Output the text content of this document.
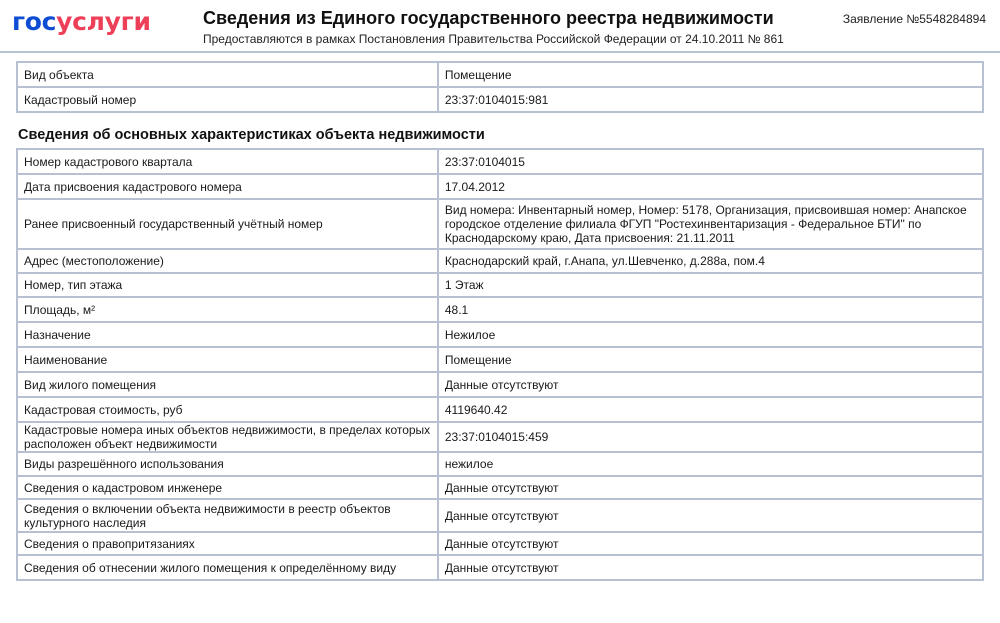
госуслуги	Сведения из Единого государственного реестра недвижимости
Предоставляются в рамках Постановления Правительства Российской Федерации от 24.10.2011 № 861
Заявление №5548284894
Вид объекта	Помещение
Кадастровый номер	23:37:0104015:981
Сведения об основных характеристиках объекта недвижимости
Номер кадастрового квартала	23:37:0104015
Дата присвоения кадастрового номера	17.04.2012
Ранее присвоенный государственный учётный номер	Вид номера: Инвентарный номер, Номер: 5178, Организация, присвоившая номер: Анапское городское отделение филиала ФГУП "Ростехинвентаризация - Федеральное БТИ" по Краснодарскому краю, Дата присвоения: 21.11.2011
Адрес (местоположение)	Краснодарский край, г.Анапа, ул.Шевченко, д.288а, пом.4
Номер, тип этажа	1 Этаж
Площадь, м²	48.1
Назначение	Нежилое
Наименование	Помещение
Вид жилого помещения	Данные отсутствуют
Кадастровая стоимость, руб	4119640.42
Кадастровые номера иных объектов недвижимости, в пределах которых расположен объект недвижимости	23:37:0104015:459
Виды разрешённого использования	нежилое
Сведения о кадастровом инженере	Данные отсутствуют
Сведения о включении объекта недвижимости в реестр объектов культурного наследия	Данные отсутствуют
Сведения о правопритязаниях	Данные отсутствуют
Сведения об отнесении жилого помещения к определённому виду	Данные отсутствуют
